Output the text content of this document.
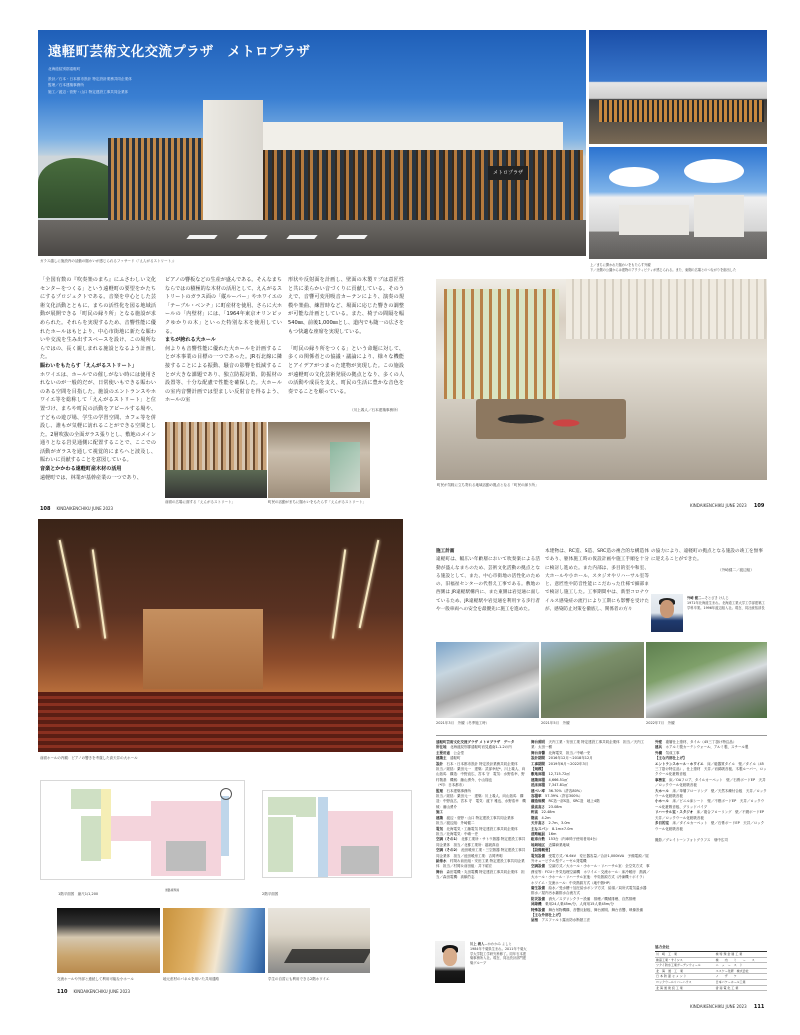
メトロプラザ
遠軽町芸術文化交流プラザ　メトロプラザ
北海道紋別郡遠軽町
設計／石本・日本都市設計 特定設計業務共同企業体
監理／石本建築事務所
施工／渡辺・菅野・山口 特定建設工事共同企業体
ガラス越しに施設内の活動の賑わいが感じられるファサード（「えんがるストリート」）
上／まちに開かれた賑わいをもたらす外観
下／北側の公園からは建物のアクティビティが感じられる。また、東側の広場とのつながりを創出した
「全国有数の『吹奏楽のまち』にふさわしい文化センターをつくる」という遠軽町の要望をかたちにするプロジェクトである。音楽を中心とした芸術文化活動とともに、まちの活性化を図る地域活動が展開できる「町民の縁り所」となる施設が求められた。それらを実現するため、音響性能に優れたホールはもとより、中心市街地に新たな賑わいや交流を生み出すスペースを設け、この場所ならではの、長く親しまれる施設となるよう計画した。
賑わいをもたらす「えんがるストリート」
ホワイエは、ホールでの催しがない時には使用されないのが一般的だが、日常使いもできる賑わいのある空間を目指した。施設のエントランスやホワイエ等を総称して「えんがるストリート」と位置づけ、まちや町民の活動をアピールする場や、子どもの遊び場、学生の学習空間、カフェ等を併設し、誰もが気軽に訪れることができる空間とした。2層吹抜の全面ガラス張りとし、敷地のメイン通りとなる岩見通側に配置することで、ここでの活動がガラスを通して視覚的にまちへと波及し、賑わいに貢献することを意図している。
音楽とかかわる遠軽町産木材の活用
遠軽町では、林業が基幹産業の一つであり、
ピアノの響板などの生産が盛んである。そんなまちならではの積極的な木材の活用として、えんがるストリートのガラス面の「縦ルーバー」やホワイエの「テーブル・ベンチ」に町産材を使用、さらに大ホールの「内壁材」には、「1964年東京オリンピックゆかりの木」といった特別な木を使用している。
まちが誇れる大ホール
何よりも音響性能に優れた大ホールを計画することが本事業の目標の一つであった。JR石北線に隣接することによる振動、騒音の影響を低減することが大きな課題であり、独立防振対策、防振材の設置等、十分な配慮で性能を確保した。大ホールの室内音響計画では望ましい反射音を得るよう、ホールの室
形状や反射面を計画し、壁面の木製リブは意匠性と共に柔らかい音づくりに貢献している。そのうえで、音響可変用吸音カーテンにより、演奏の規模や楽曲、練習時など、場面に応じた響きの調整が可能な計画としている。また、椅子の間隔を幅540㎜、前後1,000㎜とし、道内でも随一の広さをもつ快適な座席を実現している。

「町民の縁り所をつくる」という命題に対して、多くの関係者との協議・議論により、様々な機能とアイデアがつまった建物が実現した。この施設が遠軽町の文化芸術発展の拠点となり、多くの人の活動や成長を支え、町民の生活に豊かな音色を奏でることを願っている。
（川上義人／石本建築事務所）
前面の広場に面する「えんがるストリート」	町民の活動がまちに賑わいをもたらす「えんがるストリート」
108 KINDAIKENCHIKU JUNE 2023
町民が気軽に立ち寄れる地域活動の拠点となる「町民の縁り所」
KINDAIKENCHIKU JUNE 2023 109
前面ホールの内観：ピアノの響きを考慮した高天井の大ホール
1階平面図　縮尺1/1,200
道路境界線
2階平面図
交流ホールや外部と連続して利用可能な小ホール	地元産材のパネルを用いた共用通路	学生の自習にも利用できる2階ホワイエ
110 KINDAIKENCHIKU JUNE 2023
施工計画
遠軽町は、幅広い年齢層において吹奏楽による活動が盛んなまちのため、芸術文化活動の拠点となる施設として、また、中心市街地の活性化のための、旧福祉センターの代替え工事である。敷地の西側は JR遠軽駅構内に、また東側は岩見通に面しているため、JR遠軽駅や岩見通を利用する歩行者や一般車両への安全を最優先に施工を進めた。
本建物は、RC造、S造、SRC造の複合的な構造体であり、躯体施工時の仮設計画や施工手順を十分に検討し進めた。また内部は、多目的室や和室、大ホールや小ホール、スタジオやリハーサル室等と、意匠性や防音性能にこだわった仕様で細部まで検討し施工した。工事期間中は、新型コロナウイルス感染症の流行により工期にも影響を受けたが、感染防止対策を徹底し、関係者の方々
の協力により、遠軽町の拠点となる施設の竣工を無事に迎えることができた。
（外崎健二／渡辺組）
外崎 健二—そとざき けんじ
1971年北海道生まれ。北海道工業大学工学部建築工学科卒業。1996年渡辺組入社。現在、同社統括部長
2021年3月　外観（冬季施工時）	2021年5月　外観	2022年7月　外観
遠軽町芸術文化交流プラザ メトロプラザ　データ
所在地　北海道紋別郡遠軽町岩見通南1-1-2の内
主要用途　公会堂
建築主　遠軽町
設計　石本・日本都市設計 特定設計業務共同企業体
担当／総括：栗田元一　建築：武部幸紀*、川上義人、向山拓馬　構造：中野直広、宮本 守　電気：水野浩幸、野村敬基　機械：藤山勇介、小山翔也
（*印：日本都市）
監理　石本建築事務所
担当／総括：栗田元一　建築：川上義人、向山拓馬　構造：中野直広、宮本 守　電気：渡下 雅也、水野浩幸　機械：藤山勇介
施工　
建築　渡辺・菅野・山口 特定建設工事共同企業体
担当／渡辺組：外崎健二
電気　北海電気・工藤電気 特定建設工事共同企業体
担当／北海電気：中嶋一史
空調（その1）　北都工業所・サトウ熱器 特定建設工事共同企業体　担当／北都工業所：越坂真治
空調（その2）　池田暖房工業・三空熱器 特定建設工事共同企業体　担当／池田暖房工業：吉岡秀明
給排水　村岡＆前田組・安田工業 特定建設工事共同企業体　担当／村岡＆前田組：井下昭宏
舞台　森田電機・丸田電機 特定建設工事共同企業体　担当／森田電機：高橋竹志
舞台照明　天内工業・安田工業 特定建設工事共同企業体　担当／天内工業：太田一樹
舞台音響　北海電気　担当／中嶋一史
設計期間　2016年12月〜2018年12月
工事期間　2019年6月〜2022年3月
【規模】
敷地面積　12,715.72㎡
建築面積　4,666.51㎡
延床面積　7,347.81㎡
建ぺい率　36.70%（許容80%）
容積率　57.39%（許容300%）
構造規模　RC造一部S造、SRC造　地上4階
最高高さ　23.08m
軒高　22.48m
階高　4.2m
天井高さ　2.7m、3.0m
主なスパン　8.1m×7.0m
道路幅員　16m
駐車台数　153台（内車椅子使用者用4台）
地域地区　近隣商業地域
【設備概要】
電気設備　受電方式／6.6kV　変圧器容量／合計1,000kVA　予備電源／屋外キュービクル型ディーゼル発電機
空調設備　空調方式／大ホール・小ホール・リハーサル室：全空気方式　事務室等：FCU＋外気処理空調機　ホワイエ・交流ホール：床冷暖房　熱源／大ホール・小ホール・リハーサル室他：中央熱源方式（冷凍機＋ボイラ）　ホワイエ・交流ホール：中央熱源方式（地中熱HP）
衛生設備　給水／受水槽＋加圧給水ポンプ方式　給湯／局所式電気温水器　排水／屋内汚水雑排水合流方式
防災設備　消火／スプリンクラー設備　排煙／機械排煙、自然排煙
昇降機　乗用24人乗45m/分、人荷用15人乗45m/分
特殊設備　舞台吊物機構、音響反射板、舞台照明、舞台音響、映像設備
【主な外部仕上げ】
屋根　アスファルト露出防水断熱工法
外壁　複層仕上塗材、タイル（45三丁掛け特注品）
建具　ホアルミ製カーテンウォール、アルミ製、スチール製
外構　気成工事
【主な内部仕上げ】
エントランスホール・ホワイエ　床／磁器質タイル　壁／タイル（45三丁掛け特注品）、仕上塗材　天井／岩綿吸音板、木製ルーバー、ロックウール化粧吸音板
事務室　床／OAフロア、タイルカーペット　壁／石膏ボードEP　天井／ロックウール化粧吸音板
大ホール　床／単層フローリング　壁／天然木練付合板　天井／ロックウール化粧吸音板
小ホール　床／ビニル床シート　壁／不燃ボードEP　天井／ロックウール化粧吸音板、グリッドパイプ
リハーサル室・スタジオ　床／複合フローリング　壁／不燃ボードEP　天井／ロックウール化粧吸音板
多目的室　床／タイルカーペット　壁／石膏ボードEP　天井／ロックウール化粧吸音板
撮影／グレイトーンフォトグラフス　畑中広司
川上 義人—かわかみ よしと
1984年千葉県生まれ。2011年千葉大学大学院工学研究科修了。同年石本建築事務所入社。現在、同社設計部門建築グループ
協力会社
川　崎　工　業	株 特 殊 金 属 工 業
株高工業・サイシス	株　　内　　ミ　　ー　　ス
ツクイ防水工業ガーデンウォール	ニ　ュ　ー　ス　ト
北　海　道　工　業	エスケー化研　株式会社
日 本 防 湿 セ メ ン ト	ノ　　ザ　　ワ
ロックウールリバーハウス	日本パワーホール工業
北 海 道 建 設 工 業	香 南 電 化 工 業
KINDAIKENCHIKU JUNE 2023 111
